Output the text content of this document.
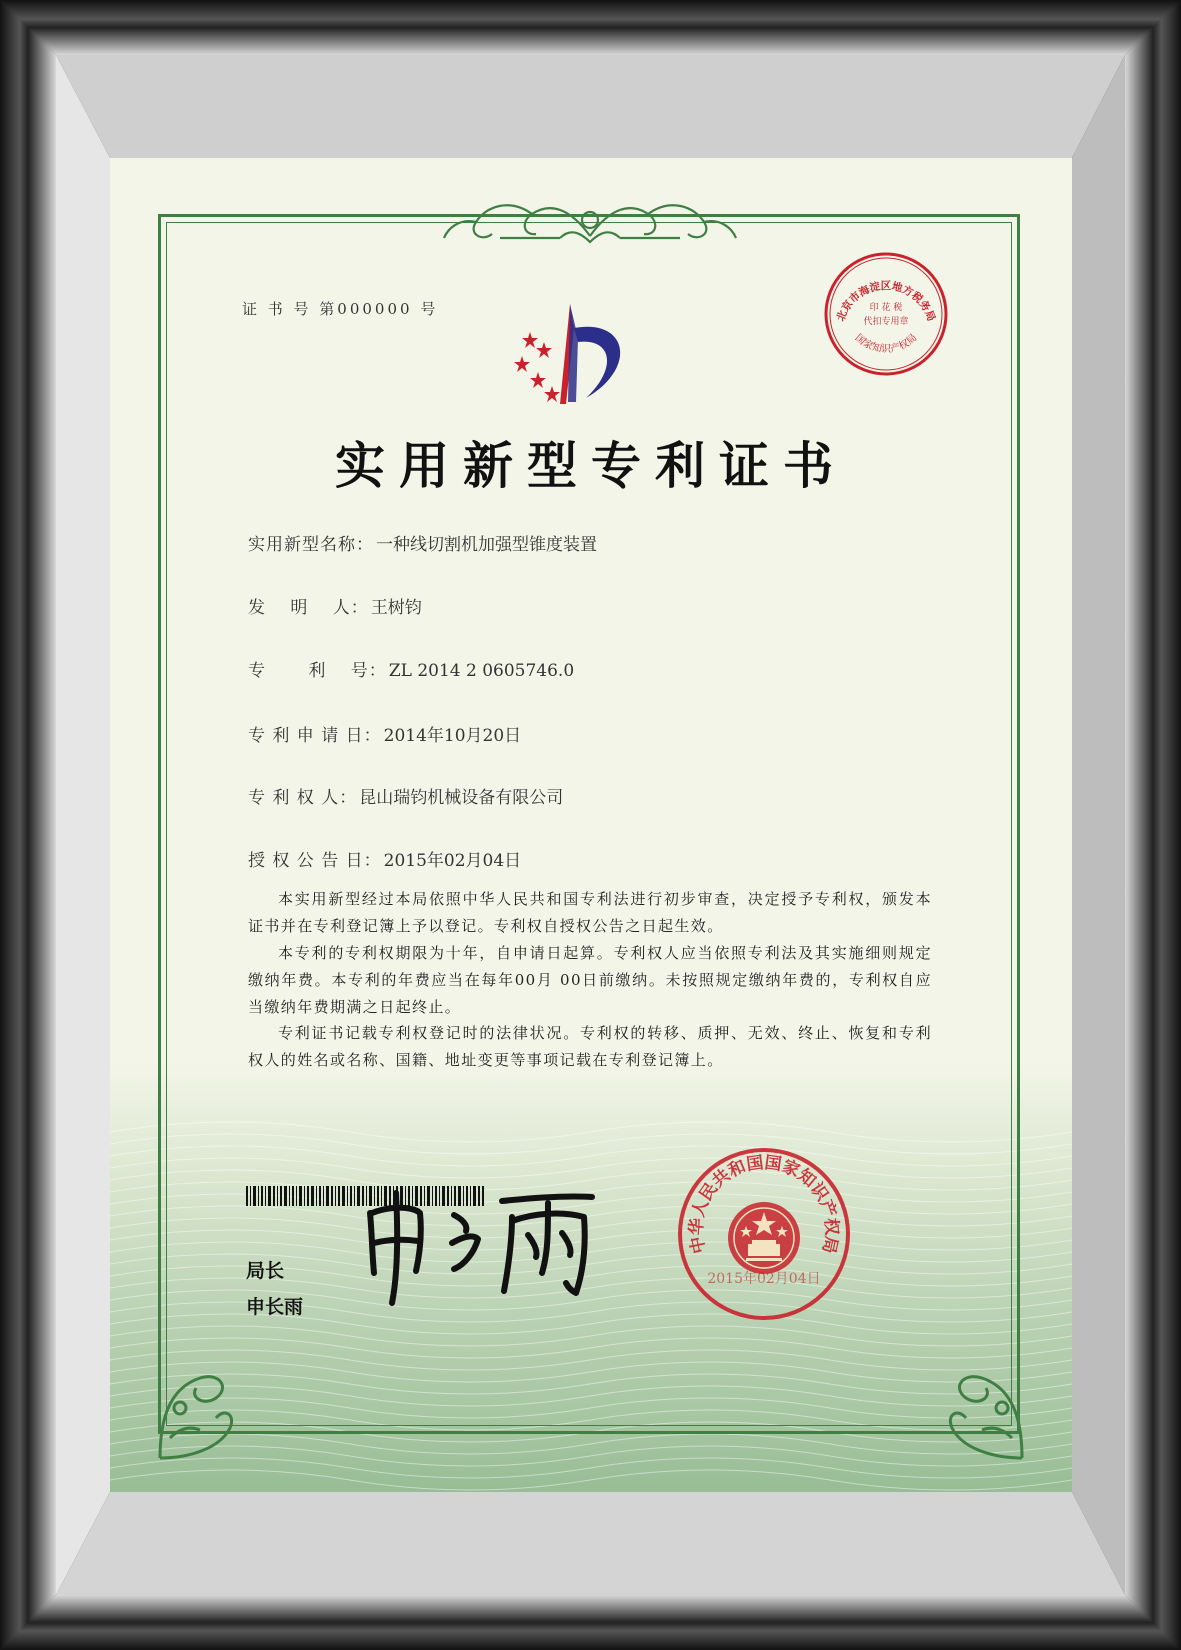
证 书 号 第000000 号	北京市海淀区地方税务局
印 花 税
代扣专用章
国家知识产权局
实用新型专利证书
实用新型名称： 一种线切割机加强型锥度装置
发　 明　 人： 王树钧
专　　 利　 号： ZL 2014 2 0605746.0
专 利 申 请 日： 2014年10月20日
专 利 权 人： 昆山瑞钧机械设备有限公司
授 权 公 告 日： 2015年02月04日
本实用新型经过本局依照中华人民共和国专利法进行初步审查，决定授予专利权，颁发本证书并在专利登记簿上予以登记。专利权自授权公告之日起生效。
本专利的专利权期限为十年，自申请日起算。专利权人应当依照专利法及其实施细则规定缴纳年费。本专利的年费应当在每年00月 00日前缴纳。未按照规定缴纳年费的，专利权自应当缴纳年费期满之日起终止。
专利证书记载专利权登记时的法律状况。专利权的转移、质押、无效、终止、恢复和专利权人的姓名或名称、国籍、地址变更等事项记载在专利登记簿上。
局长
申长雨
中华人民共和国国家知识产权局
2015年02月04日
